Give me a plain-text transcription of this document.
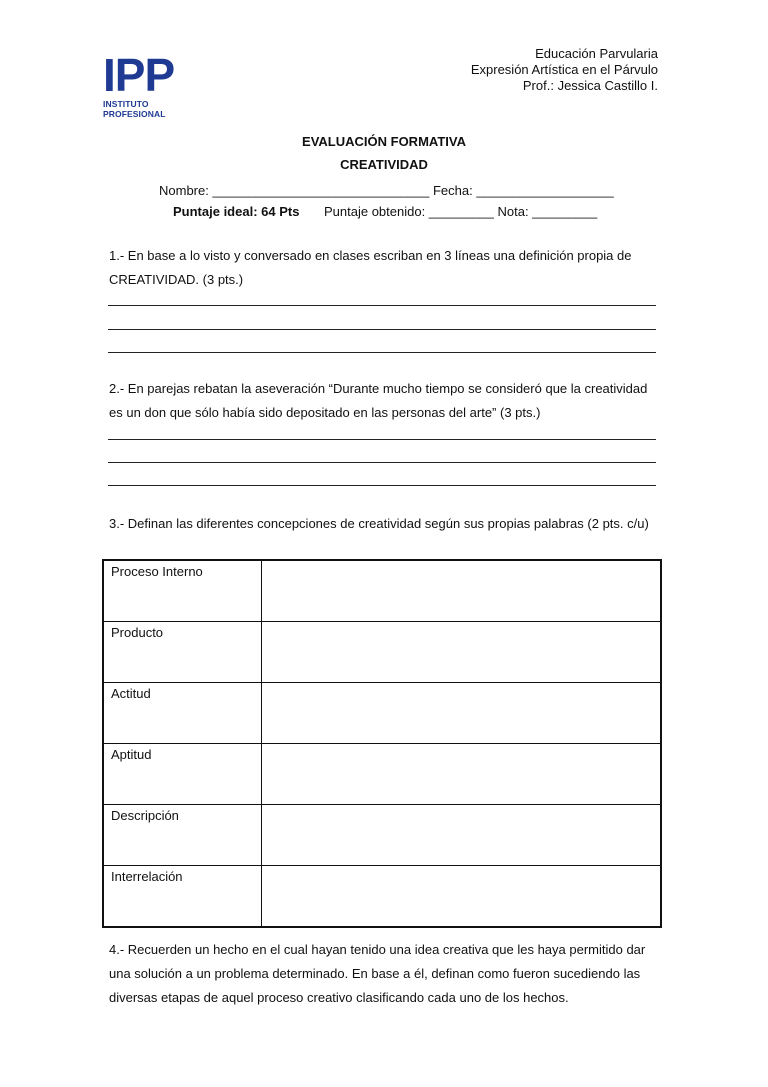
IPP
INSTITUTO PROFESIONAL
Educación Parvularia
Expresión Artística en el Párvulo
Prof.: Jessica Castillo I.
EVALUACIÓN FORMATIVA
CREATIVIDAD
Nombre: ______________________________ Fecha: ___________________
Puntaje ideal: 64 Pts Puntaje obtenido: _________ Nota: _________
1.- En base a lo visto y conversado en clases escriban en 3 líneas una definición propia de
CREATIVIDAD. (3 pts.)
2.- En parejas rebatan la aseveración “Durante mucho tiempo se consideró que la creatividad
es un don que sólo había sido depositado en las personas del arte” (3 pts.)
3.- Definan las diferentes concepciones de creatividad según sus propias palabras (2 pts. c/u)
Proceso Interno	
Producto	
Actitud	
Aptitud	
Descripción	
Interrelación	
4.- Recuerden un hecho en el cual hayan tenido una idea creativa que les haya permitido dar
una solución a un problema determinado. En base a él, definan como fueron sucediendo las
diversas etapas de aquel proceso creativo clasificando cada uno de los hechos.
